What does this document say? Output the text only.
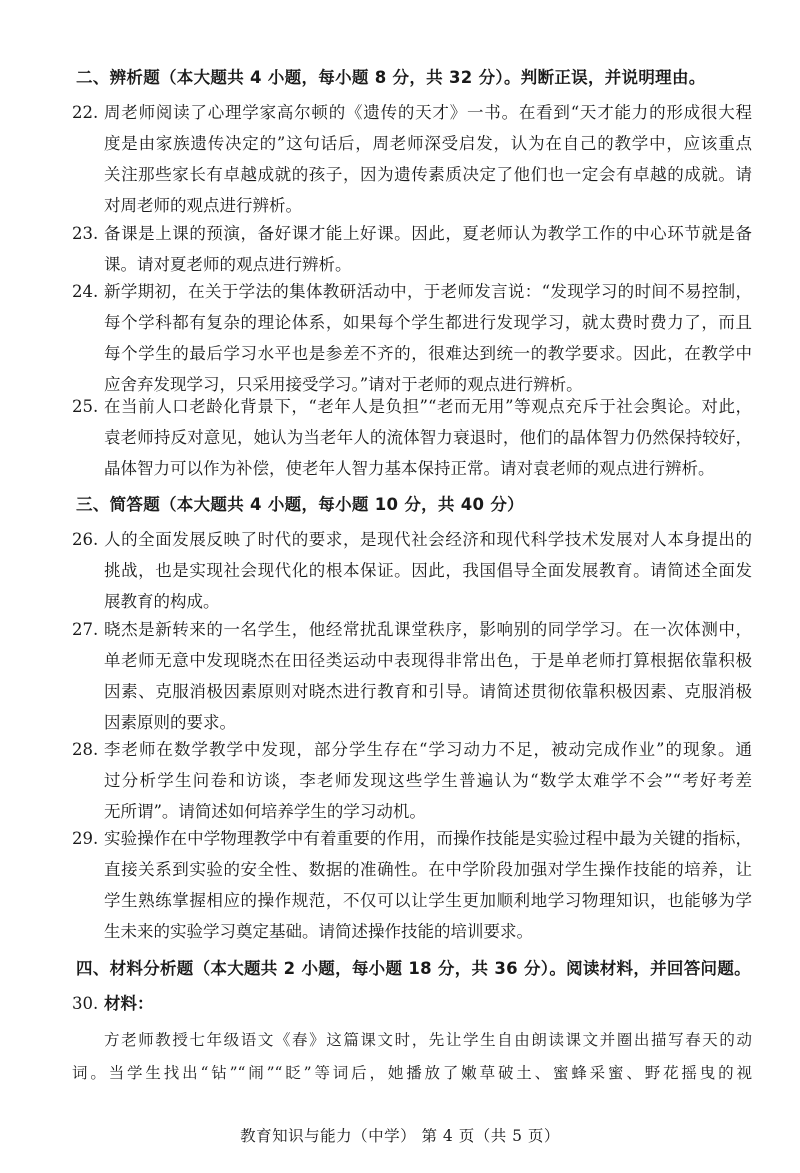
二、辨析题（本大题共 4 小题，每小题 8 分，共 32 分）。判断正误，并说明理由。
22. 周老师阅读了心理学家高尔顿的《遗传的天才》一书。在看到“天才能力的形成很大程
度是由家族遗传决定的”这句话后，周老师深受启发，认为在自己的教学中，应该重点
关注那些家长有卓越成就的孩子，因为遗传素质决定了他们也一定会有卓越的成就。请
对周老师的观点进行辨析。
23. 备课是上课的预演，备好课才能上好课。因此，夏老师认为教学工作的中心环节就是备
课。请对夏老师的观点进行辨析。
24. 新学期初，在关于学法的集体教研活动中，于老师发言说：“发现学习的时间不易控制，
每个学科都有复杂的理论体系，如果每个学生都进行发现学习，就太费时费力了，而且
每个学生的最后学习水平也是参差不齐的，很难达到统一的教学要求。因此，在教学中
应舍弃发现学习，只采用接受学习。”请对于老师的观点进行辨析。
25. 在当前人口老龄化背景下，“老年人是负担”“老而无用”等观点充斥于社会舆论。对此，
袁老师持反对意见，她认为当老年人的流体智力衰退时，他们的晶体智力仍然保持较好，
晶体智力可以作为补偿，使老年人智力基本保持正常。请对袁老师的观点进行辨析。
三、简答题（本大题共 4 小题，每小题 10 分，共 40 分）
26. 人的全面发展反映了时代的要求，是现代社会经济和现代科学技术发展对人本身提出的
挑战，也是实现社会现代化的根本保证。因此，我国倡导全面发展教育。请简述全面发
展教育的构成。
27. 晓杰是新转来的一名学生，他经常扰乱课堂秩序，影响别的同学学习。在一次体测中，
单老师无意中发现晓杰在田径类运动中表现得非常出色，于是单老师打算根据依靠积极
因素、克服消极因素原则对晓杰进行教育和引导。请简述贯彻依靠积极因素、克服消极
因素原则的要求。
28. 李老师在数学教学中发现，部分学生存在“学习动力不足，被动完成作业”的现象。通
过分析学生问卷和访谈，李老师发现这些学生普遍认为“数学太难学不会”“考好考差
无所谓”。请简述如何培养学生的学习动机。
29. 实验操作在中学物理教学中有着重要的作用，而操作技能是实验过程中最为关键的指标，
直接关系到实验的安全性、数据的准确性。在中学阶段加强对学生操作技能的培养，让
学生熟练掌握相应的操作规范，不仅可以让学生更加顺利地学习物理知识，也能够为学
生未来的实验学习奠定基础。请简述操作技能的培训要求。
四、材料分析题（本大题共 2 小题，每小题 18 分，共 36 分）。阅读材料，并回答问题。
30. 材料：
方老师教授七年级语文《春》这篇课文时，先让学生自由朗读课文并圈出描写春天的动
词。当学生找出“钻”“闹”“眨”等词后，她播放了嫩草破土、蜜蜂采蜜、野花摇曳的视
教育知识与能力（中学） 第 4 页（共 5 页）
